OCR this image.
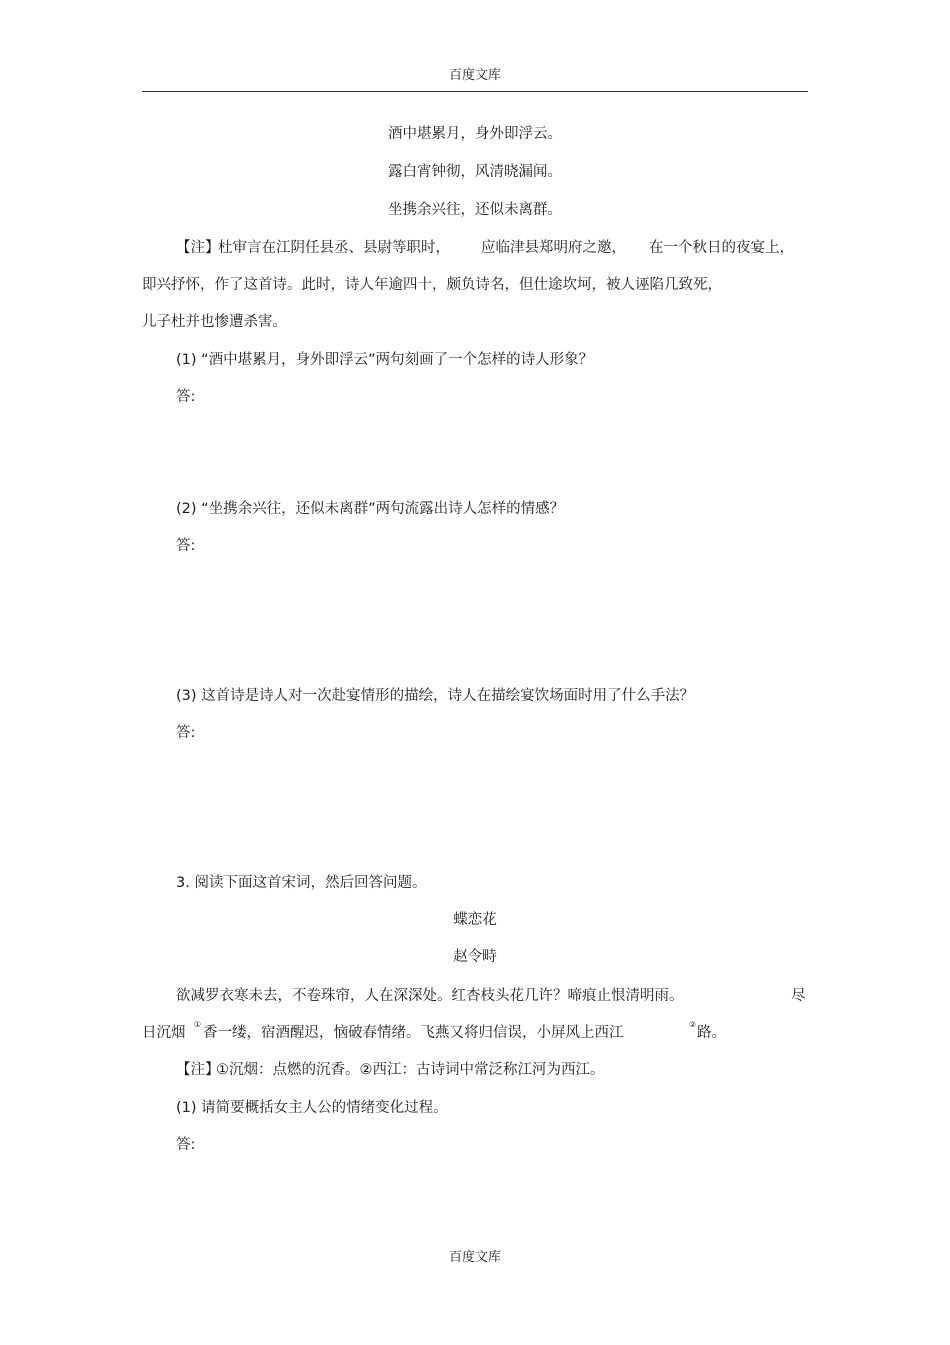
百度文库
酒中堪累月，身外即浮云。
露白宵钟彻，风清晓漏闻。
坐携余兴往，还似未离群。
【注】
杜审言在江阴任县丞、县尉等职时， 应临津县郑明府之邀， 在一个秋日的夜宴上，
即兴抒怀，作了这首诗。此时，诗人年逾四十，颇负诗名，但仕途坎坷，被人诬陷几致死，
儿子杜并也惨遭杀害。
(1) “酒中堪累月，身外即浮云”两句刻画了一个怎样的诗人形象？
答:
(2) “坐携余兴往，还似未离群”两句流露出诗人怎样的情感？
答:
(3) 这首诗是诗人对一次赴宴情形的描绘，诗人在描绘宴饮场面时用了什么手法？
答:
3. 阅读下面这首宋词，然后回答问题。
蝶恋花
赵令畤
欲减罗衣寒未去，不卷珠帘，人在深深处。红杏枝头花几许？啼痕止恨清明雨。	尽
日沉烟
①
香一缕，宿酒醒迟，恼破春情绪。飞燕又将归信误，小屏风上西江
②
路。
【注】
①沉烟：点燃的沉香。②西江：古诗词中常泛称江河为西江。
(1) 请简要概括女主人公的情绪变化过程。
答:
百度文库
